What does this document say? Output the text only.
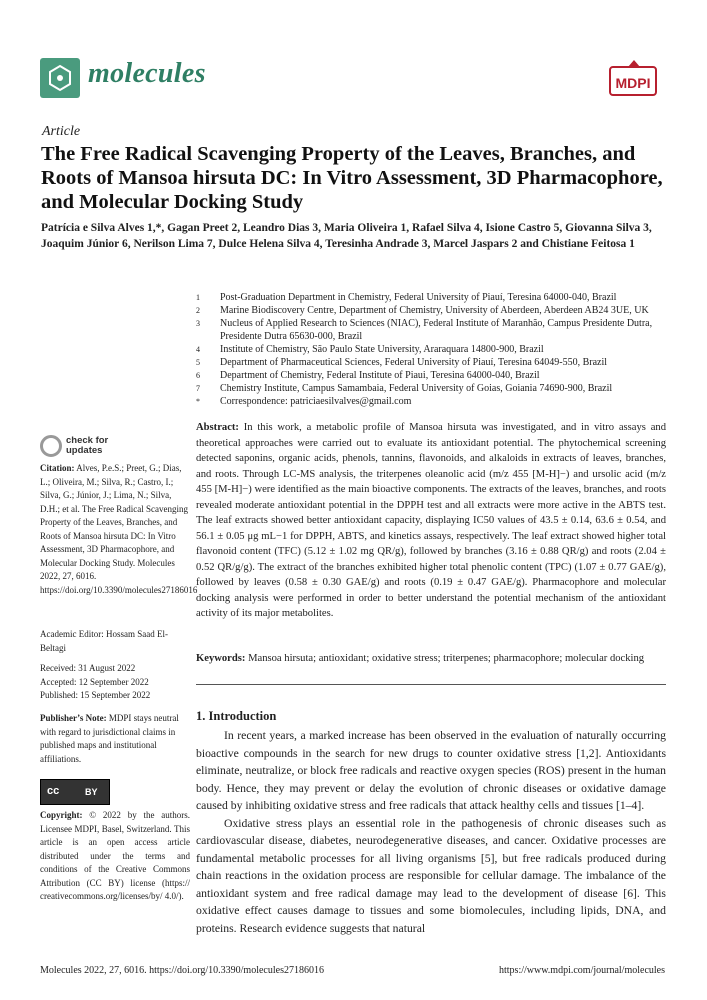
molecules	MDPI
Article
The Free Radical Scavenging Property of the Leaves, Branches, and Roots of Mansoa hirsuta DC: In Vitro Assessment, 3D Pharmacophore, and Molecular Docking Study
Patrícia e Silva Alves 1,*, Gagan Preet 2, Leandro Dias 3, Maria Oliveira 1, Rafael Silva 4, Isione Castro 5, Giovanna Silva 3, Joaquim Júnior 6, Nerilson Lima 7, Dulce Helena Silva 4, Teresinha Andrade 3, Marcel Jaspars 2 and Chistiane Feitosa 1
1	Post-Graduation Department in Chemistry, Federal University of Piauí, Teresina 64000-040, Brazil
2	Marine Biodiscovery Centre, Department of Chemistry, University of Aberdeen, Aberdeen AB24 3UE, UK
3	Nucleus of Applied Research to Sciences (NIAC), Federal Institute of Maranhão, Campus Presidente Dutra, Presidente Dutra 65630-000, Brazil
4	Institute of Chemistry, São Paulo State University, Araraquara 14800-900, Brazil
5	Department of Pharmaceutical Sciences, Federal University of Piauí, Teresina 64049-550, Brazil
6	Department of Chemistry, Federal Institute of Piaui, Teresina 64000-040, Brazil
7	Chemistry Institute, Campus Samambaia, Federal University of Goias, Goiania 74690-900, Brazil
*	Correspondence: patriciaesilvalves@gmail.com
check for updates
Citation: Alves, P.e.S.; Preet, G.; Dias, L.; Oliveira, M.; Silva, R.; Castro, I.; Silva, G.; Júnior, J.; Lima, N.; Silva, D.H.; et al. The Free Radical Scavenging Property of the Leaves, Branches, and Roots of Mansoa hirsuta DC: In Vitro Assessment, 3D Pharmacophore, and Molecular Docking Study. Molecules 2022, 27, 6016. https://doi.org/10.3390/molecules27186016
Academic Editor: Hossam Saad El-Beltagi
Received: 31 August 2022
Accepted: 12 September 2022
Published: 15 September 2022
Publisher’s Note: MDPI stays neutral with regard to jurisdictional claims in published maps and institutional affiliations.
cc	BY
Copyright: © 2022 by the authors. Licensee MDPI, Basel, Switzerland. This article is an open access article distributed under the terms and conditions of the Creative Commons Attribution (CC BY) license (https:// creativecommons.org/licenses/by/ 4.0/).
Abstract: In this work, a metabolic profile of Mansoa hirsuta was investigated, and in vitro assays and theoretical approaches were carried out to evaluate its antioxidant potential. The phytochemical screening detected saponins, organic acids, phenols, tannins, flavonoids, and alkaloids in extracts of leaves, branches, and roots. Through LC-MS analysis, the triterpenes oleanolic acid (m/z 455 [M-H]−) and ursolic acid (m/z 455 [M-H]−) were identified as the main bioactive components. The extracts of the leaves, branches, and roots revealed moderate antioxidant potential in the DPPH test and all extracts were more active in the ABTS test. The leaf extracts showed better antioxidant capacity, displaying IC50 values of 43.5 ± 0.14, 63.6 ± 0.54, and 56.1 ± 0.05 μg mL−1 for DPPH, ABTS, and kinetics assays, respectively. The leaf extract showed higher total flavonoid content (TFC) (5.12 ± 1.02 mg QR/g), followed by branches (3.16 ± 0.88 QR/g) and roots (2.04 ± 0.52 QR/g/g). The extract of the branches exhibited higher total phenolic content (TPC) (1.07 ± 0.77 GAE/g), followed by leaves (0.58 ± 0.30 GAE/g) and roots (0.19 ± 0.47 GAE/g). Pharmacophore and molecular docking analysis were performed in order to better understand the potential mechanism of the antioxidant activity of its major metabolites.
Keywords: Mansoa hirsuta; antioxidant; oxidative stress; triterpenes; pharmacophore; molecular docking
1. Introduction

In recent years, a marked increase has been observed in the evaluation of naturally occurring bioactive compounds in the search for new drugs to counter oxidative stress [1,2]. Antioxidants eliminate, neutralize, or block free radicals and reactive oxygen species (ROS) present in the human body. Hence, they may prevent or delay the evolution of chronic diseases or oxidative damage caused by inhibiting oxidative stress and free radicals that attack healthy cells and tissues [1–4].

Oxidative stress plays an essential role in the pathogenesis of chronic diseases such as cardiovascular disease, diabetes, neurodegenerative diseases, and cancer. Oxidative processes are fundamental metabolic processes for all living organisms [5], but free radicals produced during chain reactions in the oxidation process are responsible for cellular damage. The imbalance of the antioxidant system and free radical damage may lead to the development of disease [6]. This oxidative effect causes damage to tissues and some biomolecules, including lipids, DNA, and proteins. Research evidence suggests that natural

Molecules 2022, 27, 6016. https://doi.org/10.3390/molecules27186016	https://www.mdpi.com/journal/molecules
